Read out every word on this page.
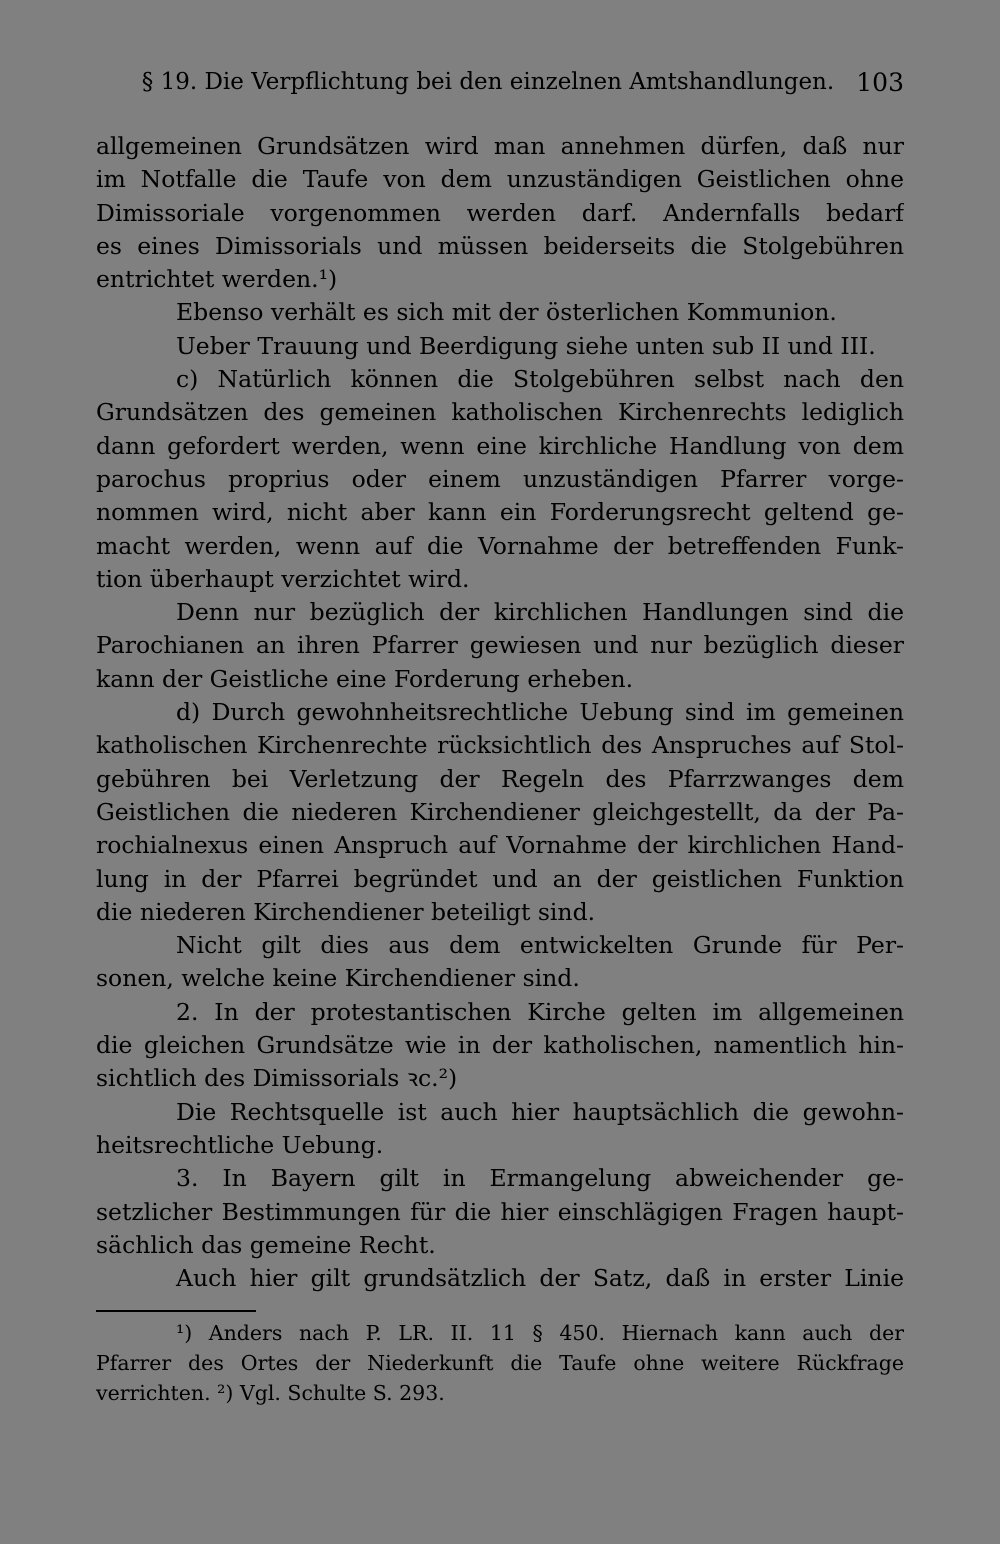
§ 19. Die Verpflichtung bei den einzelnen Amtshandlungen. 103
allgemeinen Grundsätzen wird man annehmen dürfen, daß nur
im Notfalle die Taufe von dem unzuständigen Geistlichen ohne
Dimissoriale vorgenommen werden darf. Andernfalls bedarf
es eines Dimissorials und müssen beiderseits die Stolgebühren
entrichtet werden.¹)
Ebenso verhält es sich mit der österlichen Kommunion.
Ueber Trauung und Beerdigung siehe unten sub II und III.
c) Natürlich können die Stolgebühren selbst nach den
Grundsätzen des gemeinen katholischen Kirchenrechts lediglich
dann gefordert werden, wenn eine kirchliche Handlung von dem
parochus proprius oder einem unzuständigen Pfarrer vorge-
nommen wird, nicht aber kann ein Forderungsrecht geltend ge-
macht werden, wenn auf die Vornahme der betreffenden Funk-
tion überhaupt verzichtet wird.
Denn nur bezüglich der kirchlichen Handlungen sind die
Parochianen an ihren Pfarrer gewiesen und nur bezüglich dieser
kann der Geistliche eine Forderung erheben.
d) Durch gewohnheitsrechtliche Uebung sind im gemeinen
katholischen Kirchenrechte rücksichtlich des Anspruches auf Stol-
gebühren bei Verletzung der Regeln des Pfarrzwanges dem
Geistlichen die niederen Kirchendiener gleichgestellt, da der Pa-
rochialnexus einen Anspruch auf Vornahme der kirchlichen Hand-
lung in der Pfarrei begründet und an der geistlichen Funktion
die niederen Kirchendiener beteiligt sind.
Nicht gilt dies aus dem entwickelten Grunde für Per-
sonen, welche keine Kirchendiener sind.
2. In der protestantischen Kirche gelten im allgemeinen
die gleichen Grundsätze wie in der katholischen, namentlich hin-
sichtlich des Dimissorials ꝛc.²)
Die Rechtsquelle ist auch hier hauptsächlich die gewohn-
heitsrechtliche Uebung.
3. In Bayern gilt in Ermangelung abweichender ge-
setzlicher Bestimmungen für die hier einschlägigen Fragen haupt-
sächlich das gemeine Recht.
Auch hier gilt grundsätzlich der Satz, daß in erster Linie
¹) Anders nach P. LR. II. 11 § 450. Hiernach kann auch der
Pfarrer des Ortes der Niederkunft die Taufe ohne weitere Rückfrage
verrichten. ²) Vgl. Schulte S. 293.
